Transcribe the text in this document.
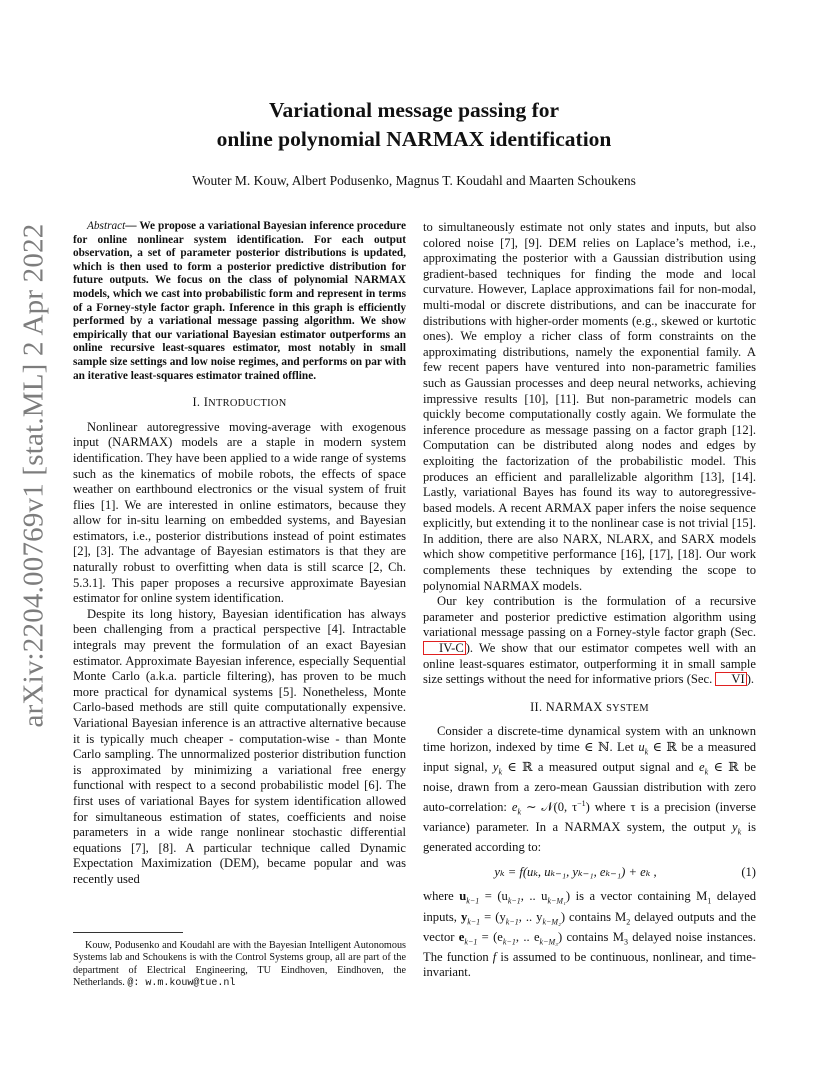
arXiv:2204.00769v1 [stat.ML] 2 Apr 2022
Variational message passing for
online polynomial NARMAX identification
Wouter M. Kouw, Albert Podusenko, Magnus T. Koudahl and Maarten Schoukens

Abstract— We propose a variational Bayesian inference procedure for online nonlinear system identification. For each output observation, a set of parameter posterior distributions is updated, which is then used to form a posterior predictive distribution for future outputs. We focus on the class of polynomial NARMAX models, which we cast into probabilistic form and represent in terms of a Forney-style factor graph. Inference in this graph is efficiently performed by a variational message passing algorithm. We show empirically that our variational Bayesian estimator outperforms an online recursive least-squares estimator, most notably in small sample size settings and low noise regimes, and performs on par with an iterative least-squares estimator trained offline.

I. INTRODUCTION

Nonlinear autoregressive moving-average with exogenous input (NARMAX) models are a staple in modern system identification. They have been applied to a wide range of systems such as the kinematics of mobile robots, the effects of space weather on earthbound electronics or the visual system of fruit flies [1]. We are interested in online estimators, because they allow for in-situ learning on embedded systems, and Bayesian estimators, i.e., posterior distributions instead of point estimates [2], [3]. The advantage of Bayesian estimators is that they are naturally robust to overfitting when data is still scarce [2, Ch. 5.3.1]. This paper proposes a recursive approximate Bayesian estimator for online system identification.

Despite its long history, Bayesian identification has always been challenging from a practical perspective [4]. Intractable integrals may prevent the formulation of an exact Bayesian estimator. Approximate Bayesian inference, especially Sequential Monte Carlo (a.k.a. particle filtering), has proven to be much more practical for dynamical systems [5]. Nonetheless, Monte Carlo-based methods are still quite computationally expensive. Variational Bayesian inference is an attractive alternative because it is typically much cheaper - computation-wise - than Monte Carlo sampling. The unnormalized posterior distribution function is approximated by minimizing a variational free energy functional with respect to a second probabilistic model [6]. The first uses of variational Bayes for system identification allowed for simultaneous estimation of states, coefficients and noise parameters in a wide range nonlinear stochastic differential equations [7], [8]. A particular technique called Dynamic Expectation Maximization (DEM), became popular and was recently used

Kouw, Podusenko and Koudahl are with the Bayesian Intelligent Autonomous Systems lab and Schoukens is with the Control Systems group, all are part of the department of Electrical Engineering, TU Eindhoven, Eindhoven, the Netherlands. @: w.m.kouw@tue.nl

to simultaneously estimate not only states and inputs, but also colored noise [7], [9]. DEM relies on Laplace’s method, i.e., approximating the posterior with a Gaussian distribution using gradient-based techniques for finding the mode and local curvature. However, Laplace approximations fail for non-modal, multi-modal or discrete distributions, and can be inaccurate for distributions with higher-order moments (e.g., skewed or kurtotic ones). We employ a richer class of form constraints on the approximating distributions, namely the exponential family. A few recent papers have ventured into non-parametric families such as Gaussian processes and deep neural networks, achieving impressive results [10], [11]. But non-parametric models can quickly become computationally costly again. We formulate the inference procedure as message passing on a factor graph [12]. Computation can be distributed along nodes and edges by exploiting the factorization of the probabilistic model. This produces an efficient and parallelizable algorithm [13], [14]. Lastly, variational Bayes has found its way to autoregressive-based models. A recent ARMAX paper infers the noise sequence explicitly, but extending it to the nonlinear case is not trivial [15]. In addition, there are also NARX, NLARX, and SARX models which show competitive performance [16], [17], [18]. Our work complements these techniques by extending the scope to polynomial NARMAX models.

Our key contribution is the formulation of a recursive parameter and posterior predictive estimation algorithm using variational message passing on a Forney-style factor graph (Sec. IV-C ). We show that our estimator competes well with an online least-squares estimator, outperforming it in small sample size settings without the need for informative priors (Sec. VI ).

II. NARMAX SYSTEM

Consider a discrete-time dynamical system with an unknown time horizon, indexed by time ∈ ℕ. Let $u_k$ ∈ ℝ be a measured input signal, $y_k$ ∈ ℝ a measured output signal and $e_k$ ∈ ℝ be noise, drawn from a zero-mean Gaussian distribution with zero auto-correlation: $e_k$ ∼ 𝒩(0, $\tau^{-1}$) where τ is a precision (inverse variance) parameter. In a NARMAX system, the output $y_k$ is generated according to:

yₖ = f(uₖ, uₖ₋₁, yₖ₋₁, eₖ₋₁) + eₖ ,	(1)

where $u_{k-1} = (u_{k-1}$, .. $u_{k-M_1}$) is a vector containing $M_1$ delayed inputs, $y_{k-1} = (y_{k-1}$, .. $y_{k-M_2}$) contains $M_2$ delayed outputs and the vector $e_{k-1} = (e_{k-1}$, .. $e_{k-M_3}$) contains $M_3$ delayed noise instances. The function f is assumed to be continuous, nonlinear, and time-invariant.
